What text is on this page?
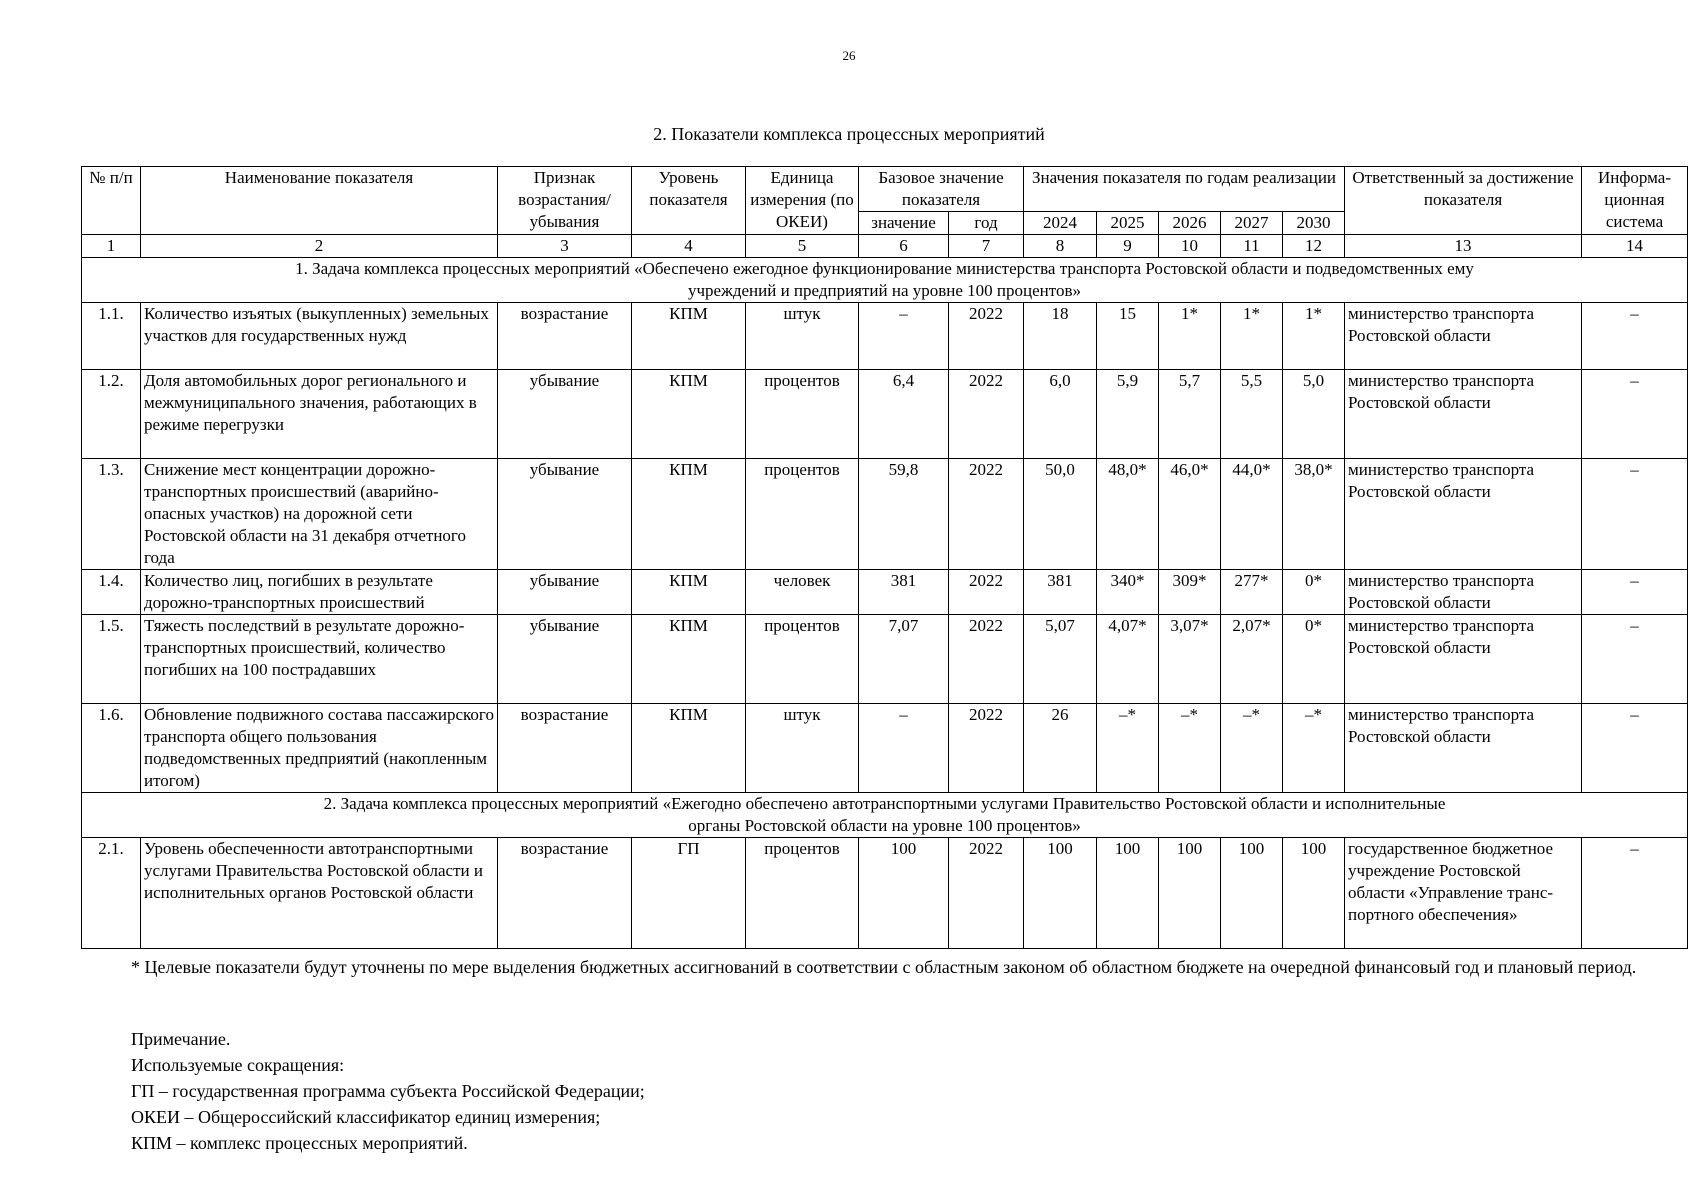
26
2. Показатели комплекса процессных мероприятий
№ п/п	Наименование показателя	Признак возрастания/ убывания	Уровень показателя	Единица измерения (по ОКЕИ)	Базовое значение показателя		Значения показателя по годам реализации					Ответственный за достижение показателя	Информа-ционная система

					значение	год	2024	2025	2026	2027	2030		
1	2	3	4	5	6	7	8	9	10	11	12	13	14
1. Задача комплекса процессных мероприятий «Обеспечено ежегодное функционирование министерства транспорта Ростовской области и подведомственных ему учреждений и предприятий на уровне 100 процентов»													
1.1.	Количество изъятых (выкупленных) земельных участков для государственных нужд	возрастание	КПМ	штук	–	2022	18	15	1*	1*	1*	министерство транспорта Ростовской области	–
1.2.	Доля автомобильных дорог регионального и межмуниципального значения, работающих в режиме перегрузки	убывание	КПМ	процентов	6,4	2022	6,0	5,9	5,7	5,5	5,0	министерство транспорта Ростовской области	–
1.3.	Снижение мест концентрации дорожно-транспортных происшествий (аварийно-опасных участков) на дорожной сети Ростовской области на 31 декабря отчетного года	убывание	КПМ	процентов	59,8	2022	50,0	48,0*	46,0*	44,0*	38,0*	министерство транспорта Ростовской области	–
1.4.	Количество лиц, погибших в результате дорожно-транспортных происшествий	убывание	КПМ	человек	381	2022	381	340*	309*	277*	0*	министерство транспорта Ростовской области	–
1.5.	Тяжесть последствий в результате дорожно-транспортных происшествий, количество погибших на 100 пострадавших	убывание	КПМ	процентов	7,07	2022	5,07	4,07*	3,07*	2,07*	0*	министерство транспорта Ростовской области	–
1.6.	Обновление подвижного состава пассажирского транспорта общего пользования подведомственных предприятий (накопленным итогом)	возрастание	КПМ	штук	–	2022	26	–*	–*	–*	–*	министерство транспорта Ростовской области	–
2. Задача комплекса процессных мероприятий «Ежегодно обеспечено автотранспортными услугами Правительство Ростовской области и исполнительные органы Ростовской области на уровне 100 процентов»													
2.1.	Уровень обеспеченности автотранспортными услугами Правительства Ростовской области и исполнительных органов Ростовской области	возрастание	ГП	процентов	100	2022	100	100	100	100	100	государственное бюджетное учреждение Ростовской области «Управление транс-портного обеспечения»	–
* Целевые показатели будут уточнены по мере выделения бюджетных ассигнований в соответствии с областным законом об областном бюджете на очередной финансовый год и плановый период.
Примечание.
Используемые сокращения:
ГП – государственная программа субъекта Российской Федерации;
ОКЕИ – Общероссийский классификатор единиц измерения;
КПМ – комплекс процессных мероприятий.
